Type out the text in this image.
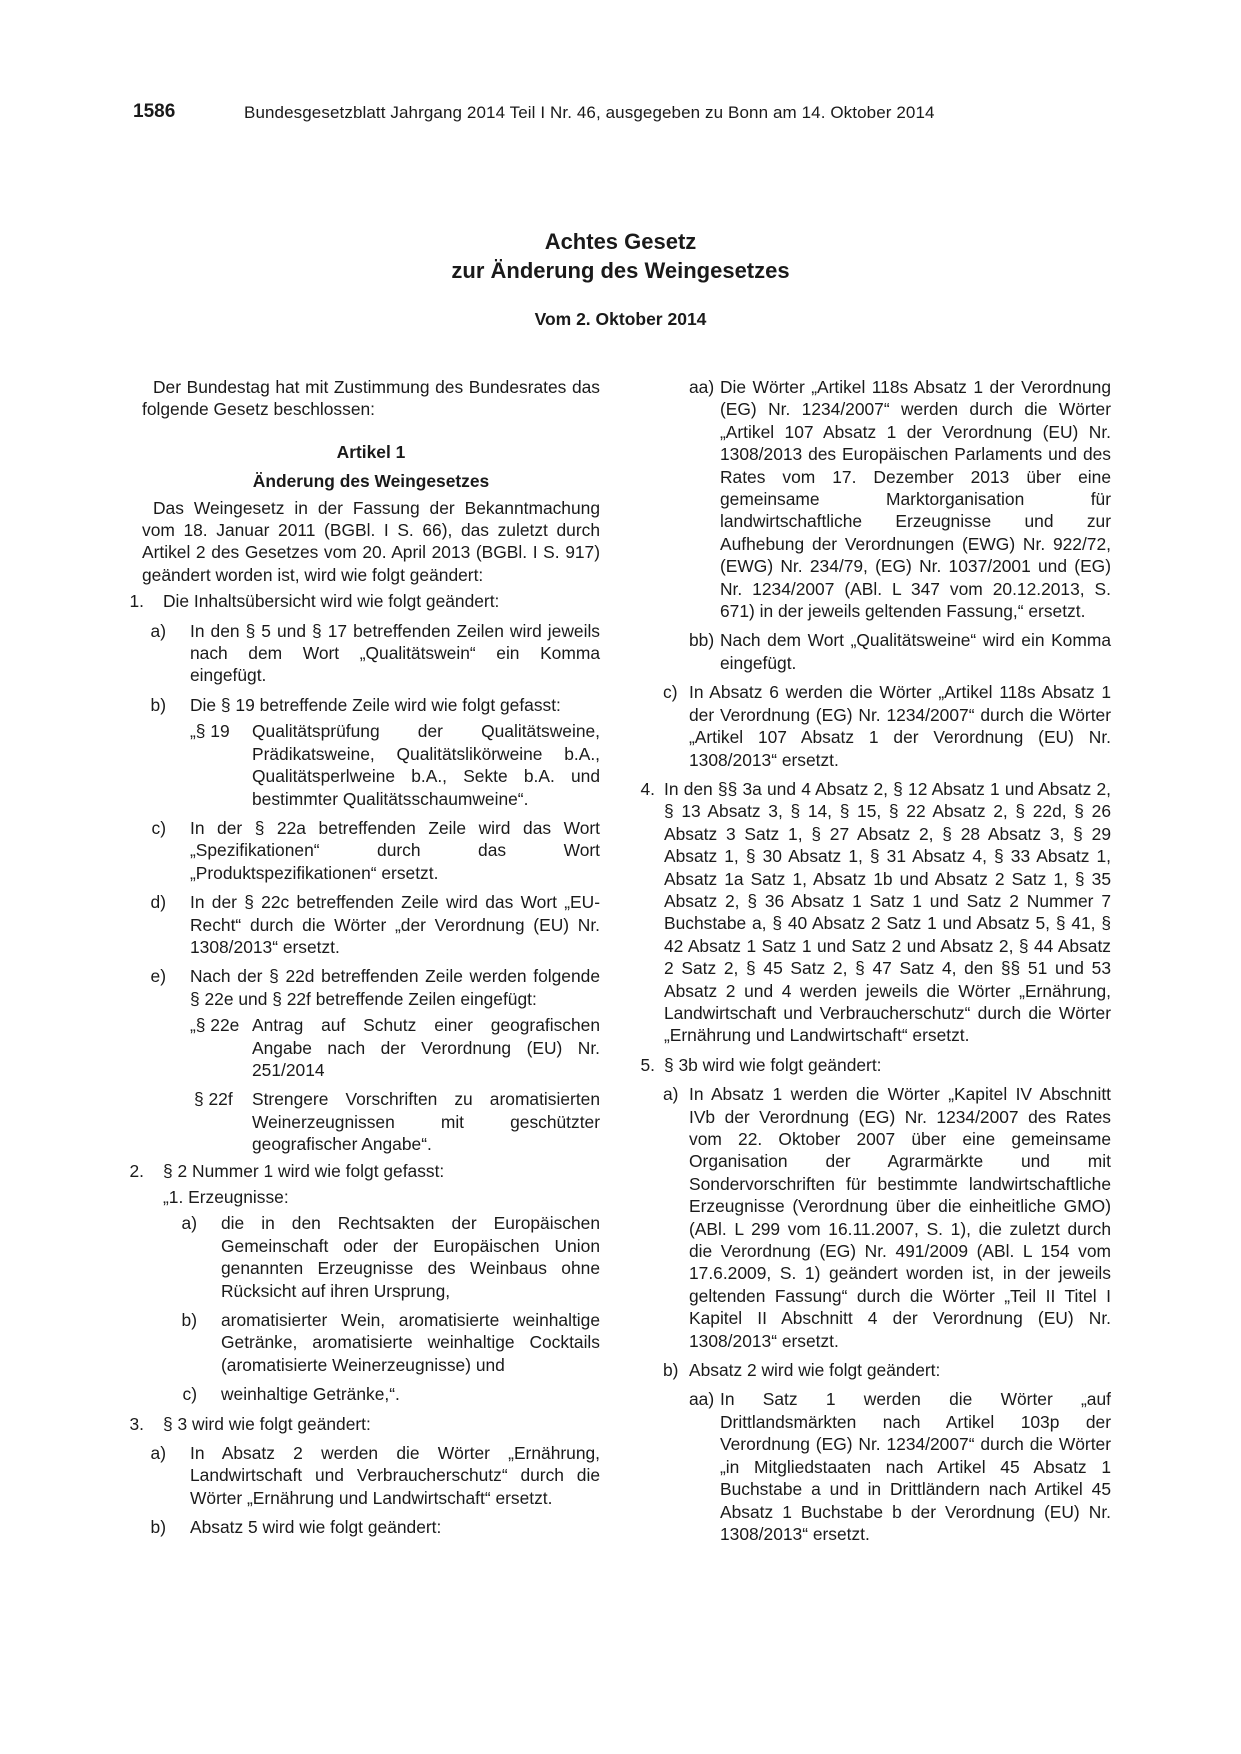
1586	Bundesgesetzblatt Jahrgang 2014 Teil I Nr. 46, ausgegeben zu Bonn am 14. Oktober 2014
Achtes Gesetz
zur Änderung des Weingesetzes
Vom 2. Oktober 2014

Der Bundestag hat mit Zustimmung des Bundesrates das folgende Gesetz beschlossen:

Artikel 1

Änderung des Weingesetzes

Das Weingesetz in der Fassung der Bekanntmachung vom 18. Januar 2011 (BGBl. I S. 66), das zuletzt durch Artikel 2 des Gesetzes vom 20. April 2013 (BGBl. I S. 917) geändert worden ist, wird wie folgt geändert:

1. Die Inhaltsübersicht wird wie folgt geändert:
a) In den § 5 und § 17 betreffenden Zeilen wird jeweils nach dem Wort „Qualitätswein“ ein Komma eingefügt.
b) Die § 19 betreffende Zeile wird wie folgt gefasst:
„§ 19 Qualitätsprüfung der Qualitätsweine, Prädikatsweine, Qualitätslikörweine b.A., Qualitätsperlweine b.A., Sekte b.A. und bestimmter Qualitätsschaumweine“.
c) In der § 22a betreffenden Zeile wird das Wort „Spezifikationen“ durch das Wort „Produktspezifikationen“ ersetzt.
d) In der § 22c betreffenden Zeile wird das Wort „EU-Recht“ durch die Wörter „der Verordnung (EU) Nr. 1308/2013“ ersetzt.
e) Nach der § 22d betreffenden Zeile werden folgende § 22e und § 22f betreffende Zeilen eingefügt:
„§ 22e Antrag auf Schutz einer geografischen Angabe nach der Verordnung (EU) Nr. 251/2014
§ 22f Strengere Vorschriften zu aromatisierten Weinerzeugnissen mit geschützter geografischer Angabe“.
2. § 2 Nummer 1 wird wie folgt gefasst:
„1. Erzeugnisse:
a) die in den Rechtsakten der Europäischen Gemeinschaft oder der Europäischen Union genannten Erzeugnisse des Weinbaus ohne Rücksicht auf ihren Ursprung,
b) aromatisierter Wein, aromatisierte weinhaltige Getränke, aromatisierte weinhaltige Cocktails (aromatisierte Weinerzeugnisse) und
c) weinhaltige Getränke,“.
3. § 3 wird wie folgt geändert:
a) In Absatz 2 werden die Wörter „Ernährung, Landwirtschaft und Verbraucherschutz“ durch die Wörter „Ernährung und Landwirtschaft“ ersetzt.
b) Absatz 5 wird wie folgt geändert:
aa) Die Wörter „Artikel 118s Absatz 1 der Verordnung (EG) Nr. 1234/2007“ werden durch die Wörter „Artikel 107 Absatz 1 der Verordnung (EU) Nr. 1308/2013 des Europäischen Parlaments und des Rates vom 17. Dezember 2013 über eine gemeinsame Marktorganisation für landwirtschaftliche Erzeugnisse und zur Aufhebung der Verordnungen (EWG) Nr. 922/72, (EWG) Nr. 234/79, (EG) Nr. 1037/2001 und (EG) Nr. 1234/2007 (ABl. L 347 vom 20.12.2013, S. 671) in der jeweils geltenden Fassung,“ ersetzt.
bb) Nach dem Wort „Qualitätsweine“ wird ein Komma eingefügt.
c) In Absatz 6 werden die Wörter „Artikel 118s Absatz 1 der Verordnung (EG) Nr. 1234/2007“ durch die Wörter „Artikel 107 Absatz 1 der Verordnung (EU) Nr. 1308/2013“ ersetzt.
4. In den §§ 3a und 4 Absatz 2, § 12 Absatz 1 und Absatz 2, § 13 Absatz 3, § 14, § 15, § 22 Absatz 2, § 22d, § 26 Absatz 3 Satz 1, § 27 Absatz 2, § 28 Absatz 3, § 29 Absatz 1, § 30 Absatz 1, § 31 Absatz 4, § 33 Absatz 1, Absatz 1a Satz 1, Absatz 1b und Absatz 2 Satz 1, § 35 Absatz 2, § 36 Absatz 1 Satz 1 und Satz 2 Nummer 7 Buchstabe a, § 40 Absatz 2 Satz 1 und Absatz 5, § 41, § 42 Absatz 1 Satz 1 und Satz 2 und Absatz 2, § 44 Absatz 2 Satz 2, § 45 Satz 2, § 47 Satz 4, den §§ 51 und 53 Absatz 2 und 4 werden jeweils die Wörter „Ernährung, Landwirtschaft und Verbraucherschutz“ durch die Wörter „Ernährung und Landwirtschaft“ ersetzt.
5. § 3b wird wie folgt geändert:
a) In Absatz 1 werden die Wörter „Kapitel IV Abschnitt IVb der Verordnung (EG) Nr. 1234/2007 des Rates vom 22. Oktober 2007 über eine gemeinsame Organisation der Agrarmärkte und mit Sondervorschriften für bestimmte landwirtschaftliche Erzeugnisse (Verordnung über die einheitliche GMO) (ABl. L 299 vom 16.11.2007, S. 1), die zuletzt durch die Verordnung (EG) Nr. 491/2009 (ABl. L 154 vom 17.6.2009, S. 1) geändert worden ist, in der jeweils geltenden Fassung“ durch die Wörter „Teil II Titel I Kapitel II Abschnitt 4 der Verordnung (EU) Nr. 1308/2013“ ersetzt.
b) Absatz 2 wird wie folgt geändert:
aa) In Satz 1 werden die Wörter „auf Drittlandsmärkten nach Artikel 103p der Verordnung (EG) Nr. 1234/2007“ durch die Wörter „in Mitgliedstaaten nach Artikel 45 Absatz 1 Buchstabe a und in Drittländern nach Artikel 45 Absatz 1 Buchstabe b der Verordnung (EU) Nr. 1308/2013“ ersetzt.
